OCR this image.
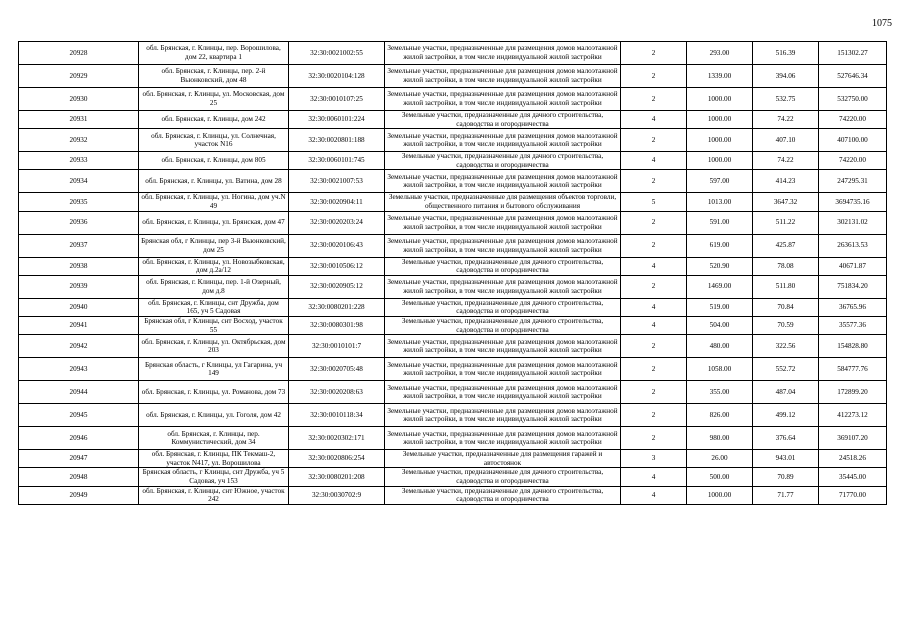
1075
20928	обл. Брянская, г. Клинцы, пер. Ворошилова, дом 22, квартира 1	32:30:0021002:55	Земельные участки, предназначенные для размещения домов малоэтажной жилой застройки, в том числе индивидуальной жилой застройки	2	293.00	516.39	151302.27
20929	обл. Брянская, г. Клинцы, пер. 2-й Вьюнковский, дом 48	32:30:0020104:128	Земельные участки, предназначенные для размещения домов малоэтажной жилой застройки, в том числе индивидуальной жилой застройки	2	1339.00	394.06	527646.34
20930	обл. Брянская, г. Клинцы, ул. Московская, дом 25	32:30:0010107:25	Земельные участки, предназначенные для размещения домов малоэтажной жилой застройки, в том числе индивидуальной жилой застройки	2	1000.00	532.75	532750.00
20931	обл. Брянская, г. Клинцы, дом 242	32:30:0060101:224	Земельные участки, предназначенные для дачного строительства, садоводства и огородничества	4	1000.00	74.22	74220.00
20932	обл. Брянская, г. Клинцы, ул. Солнечная, участок N16	32:30:0020801:188	Земельные участки, предназначенные для размещения домов малоэтажной жилой застройки, в том числе индивидуальной жилой застройки	2	1000.00	407.10	407100.00
20933	обл. Брянская, г. Клинцы, дом 805	32:30:0060101:745	Земельные участки, предназначенные для дачного строительства, садоводства и огородничества	4	1000.00	74.22	74220.00
20934	обл. Брянская, г. Клинцы, ул. Ватина, дом 28	32:30:0021007:53	Земельные участки, предназначенные для размещения домов малоэтажной жилой застройки, в том числе индивидуальной жилой застройки	2	597.00	414.23	247295.31
20935	обл. Брянская, г. Клинцы, ул. Ногина, дом уч.N 49	32:30:0020904:11	Земельные участки, предназначенные для размещения объектов торговли, общественного питания и бытового обслуживания	5	1013.00	3647.32	3694735.16
20936	обл. Брянская, г. Клинцы, ул. Брянская, дом 47	32:30:0020203:24	Земельные участки, предназначенные для размещения домов малоэтажной жилой застройки, в том числе индивидуальной жилой застройки	2	591.00	511.22	302131.02
20937	Брянская обл, г Клинцы, пер 3-й Вьюнковский, дом 25	32:30:0020106:43	Земельные участки, предназначенные для размещения домов малоэтажной жилой застройки, в том числе индивидуальной жилой застройки	2	619.00	425.87	263613.53
20938	обл. Брянская, г. Клинцы, ул. Новозыбковская, дом д.2а/12	32:30:0010506:12	Земельные участки, предназначенные для дачного строительства, садоводства и огородничества	4	520.90	78.08	40671.87
20939	обл. Брянская, г. Клинцы, пер. 1-й Озерный, дом д.8	32:30:0020905:12	Земельные участки, предназначенные для размещения домов малоэтажной жилой застройки, в том числе индивидуальной жилой застройки	2	1469.00	511.80	751834.20
20940	обл. Брянская, г. Клинцы, снт Дружба, дом 165, уч 5 Садовая	32:30:0080201:228	Земельные участки, предназначенные для дачного строительства, садоводства и огородничества	4	519.00	70.84	36765.96
20941	Брянская обл, г Клинцы, снт Восход, участок 55	32:30:0080301:98	Земельные участки, предназначенные для дачного строительства, садоводства и огородничества	4	504.00	70.59	35577.36
20942	обл. Брянская, г. Клинцы, ул. Октябрьская, дом 203	32:30:0010101:7	Земельные участки, предназначенные для размещения домов малоэтажной жилой застройки, в том числе индивидуальной жилой застройки	2	480.00	322.56	154828.80
20943	Брянская область, г Клинцы, ул Гагарина, уч 149	32:30:0020705:48	Земельные участки, предназначенные для размещения домов малоэтажной жилой застройки, в том числе индивидуальной жилой застройки	2	1058.00	552.72	584777.76
20944	обл. Брянская, г. Клинцы, ул. Романова, дом 73	32:30:0020208:63	Земельные участки, предназначенные для размещения домов малоэтажной жилой застройки, в том числе индивидуальной жилой застройки	2	355.00	487.04	172899.20
20945	обл. Брянская, г. Клинцы, ул. Гоголя, дом 42	32:30:0010118:34	Земельные участки, предназначенные для размещения домов малоэтажной жилой застройки, в том числе индивидуальной жилой застройки	2	826.00	499.12	412273.12
20946	обл. Брянская, г. Клинцы, пер. Коммунистический, дом 34	32:30:0020302:171	Земельные участки, предназначенные для размещения домов малоэтажной жилой застройки, в том числе индивидуальной жилой застройки	2	980.00	376.64	369107.20
20947	обл. Брянская, г. Клинцы, ПК Текмаш-2, участок N417, ул. Ворошилова	32:30:0020806:254	Земельные участки, предназначенные для размещения гаражей и автостоянок	3	26.00	943.01	24518.26
20948	Брянская область, г Клинцы, снт Дружба, уч 5 Садовая, уч 153	32:30:0080201:208	Земельные участки, предназначенные для дачного строительства, садоводства и огородничества	4	500.00	70.89	35445.00
20949	обл. Брянская, г. Клинцы, снт Южное, участок 242	32:30:0030702:9	Земельные участки, предназначенные для дачного строительства, садоводства и огородничества	4	1000.00	71.77	71770.00
